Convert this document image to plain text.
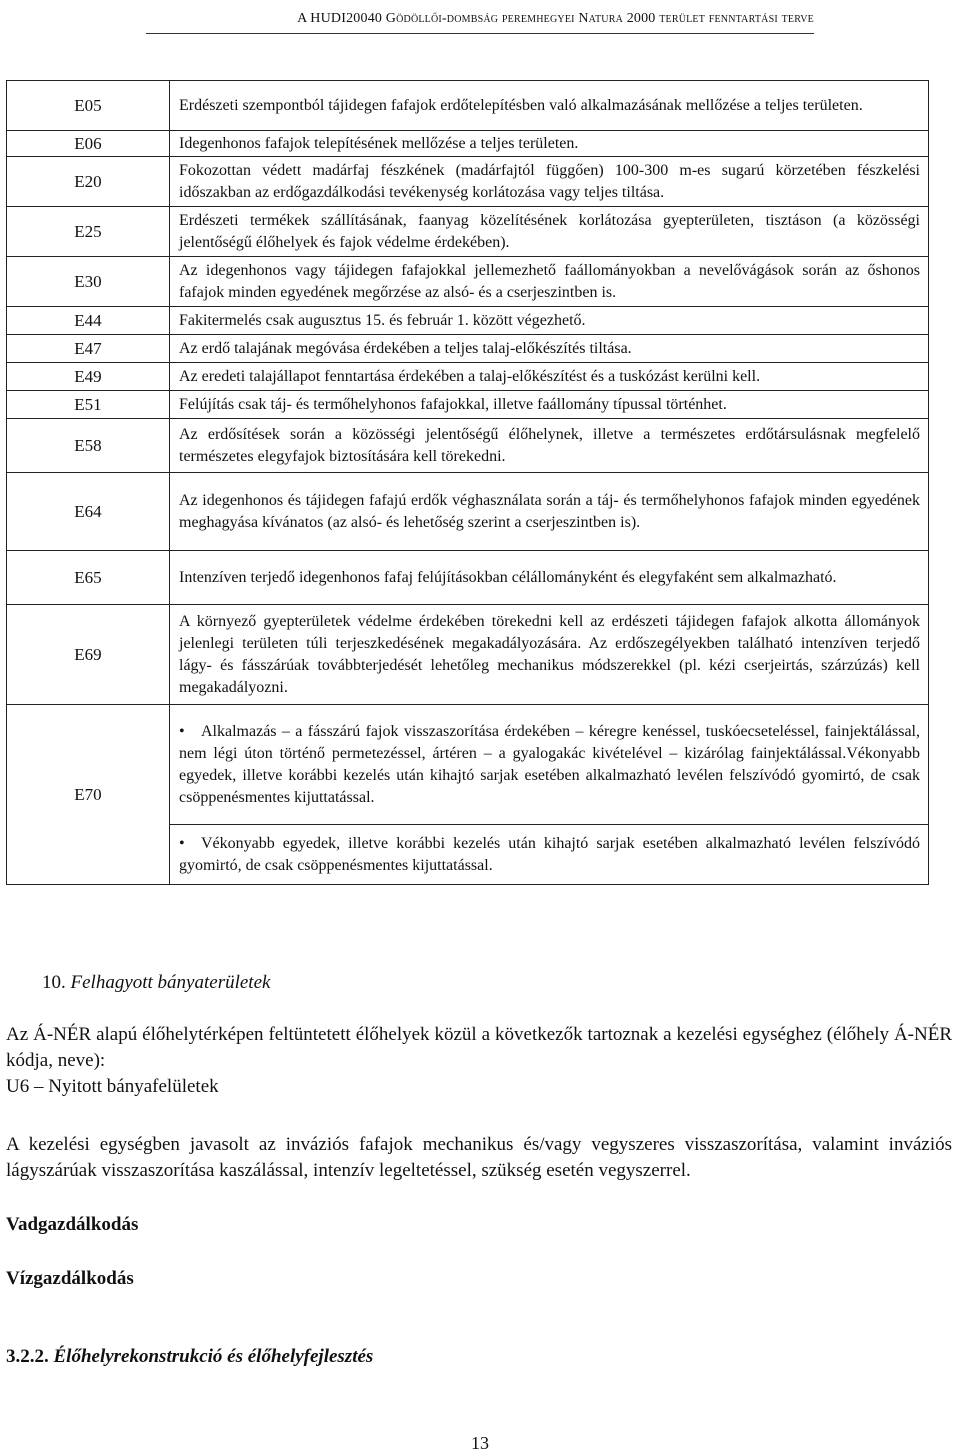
A HUDI20040 Gödöllői-dombság peremhegyei Natura 2000 terület fenntartási terve
E05	Erdészeti szempontból tájidegen fafajok erdőtelepítésben való alkalmazásának mellőzése a teljes területen.
E06	Idegenhonos fafajok telepítésének mellőzése a teljes területen.
E20	Fokozottan védett madárfaj fészkének (madárfajtól függően) 100-300 m-es sugarú körzetében fészkelési időszakban az erdőgazdálkodási tevékenység korlátozása vagy teljes tiltása.
E25	Erdészeti termékek szállításának, faanyag közelítésének korlátozása gyepterületen, tisztáson (a közösségi jelentőségű élőhelyek és fajok védelme érdekében).
E30	Az idegenhonos vagy tájidegen fafajokkal jellemezhető faállományokban a nevelővágások során az őshonos fafajok minden egyedének megőrzése az alsó- és a cserjeszintben is.
E44	Fakitermelés csak augusztus 15. és február 1. között végezhető.
E47	Az erdő talajának megóvása érdekében a teljes talaj-előkészítés tiltása.
E49	Az eredeti talajállapot fenntartása érdekében a talaj-előkészítést és a tuskózást kerülni kell.
E51	Felújítás csak táj- és termőhelyhonos fafajokkal, illetve faállomány típussal történhet.
E58	Az erdősítések során a közösségi jelentőségű élőhelynek, illetve a természetes erdőtársulásnak megfelelő természetes elegyfajok biztosítására kell törekedni.
E64	Az idegenhonos és tájidegen fafajú erdők véghasználata során a táj- és termőhelyhonos fafajok minden egyedének meghagyása kívánatos (az alsó- és lehetőség szerint a cserjeszintben is).
E65	Intenzíven terjedő idegenhonos fafaj felújításokban célállományként és elegyfaként sem alkalmazható.
E69	A környező gyepterületek védelme érdekében törekedni kell az erdészeti tájidegen fafajok alkotta állományok jelenlegi területen túli terjeszkedésének megakadályozására. Az erdőszegélyekben található intenzíven terjedő lágy- és fásszárúak továbbterjedését lehetőleg mechanikus módszerekkel (pl. kézi cserjeirtás, szárzúzás) kell megakadályozni.
E70	• Alkalmazás – a fásszárú fajok visszaszorítása érdekében – kéregre kenéssel, tuskóecseteléssel, fainjektálással, nem légi úton történő permetezéssel, ártéren – a gyalogakác kivételével – kizárólag fainjektálással.Vékonyabb egyedek, illetve korábbi kezelés után kihajtó sarjak esetében alkalmazható levélen felszívódó gyomirtó, de csak csöppenésmentes kijuttatással.
	• Vékonyabb egyedek, illetve korábbi kezelés után kihajtó sarjak esetében alkalmazható levélen felszívódó gyomirtó, de csak csöppenésmentes kijuttatással.
10. Felhagyott bányaterületek
Az Á-NÉR alapú élőhelytérképen feltüntetett élőhelyek közül a következők tartoznak a kezelési egységhez (élőhely Á-NÉR kódja, neve):
U6 – Nyitott bányafelületek
A kezelési egységben javasolt az inváziós fafajok mechanikus és/vagy vegyszeres visszaszorítása, valamint inváziós lágyszárúak visszaszorítása kaszálással, intenzív legeltetéssel, szükség esetén vegyszerrel.
Vadgazdálkodás
Vízgazdálkodás
3.2.2. Élőhelyrekonstrukció és élőhelyfejlesztés
13
